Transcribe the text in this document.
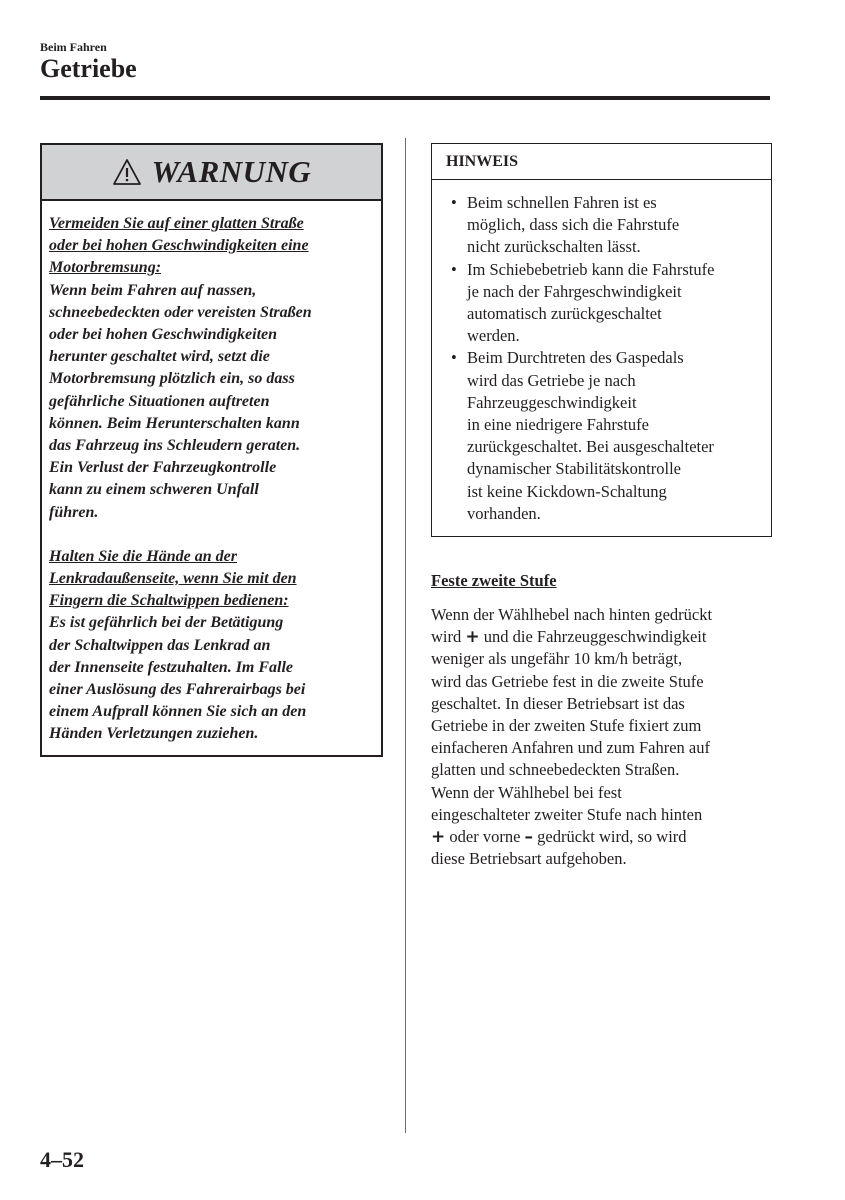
Beim Fahren
Getriebe
WARNUNG

Vermeiden Sie auf einer glatten Straße
oder bei hohen Geschwindigkeiten eine
Motorbremsung:
Wenn beim Fahren auf nassen,
schneebedeckten oder vereisten Straßen
oder bei hohen Geschwindigkeiten
herunter geschaltet wird, setzt die
Motorbremsung plötzlich ein, so dass
gefährliche Situationen auftreten
können. Beim Herunterschalten kann
das Fahrzeug ins Schleudern geraten.
Ein Verlust der Fahrzeugkontrolle
kann zu einem schweren Unfall
führen.

Halten Sie die Hände an der
Lenkradaußenseite, wenn Sie mit den
Fingern die Schaltwippen bedienen:
Es ist gefährlich bei der Betätigung
der Schaltwippen das Lenkrad an
der Innenseite festzuhalten. Im Falle
einer Auslösung des Fahrerairbags bei
einem Aufprall können Sie sich an den
Händen Verletzungen zuziehen.

HINWEIS
• Beim schnellen Fahren ist es
möglich, dass sich die Fahrstufe
nicht zurückschalten lässt.
• Im Schiebebetrieb kann die Fahrstufe
je nach der Fahrgeschwindigkeit
automatisch zurückgeschaltet
werden.
• Beim Durchtreten des Gaspedals
wird das Getriebe je nach
Fahrzeuggeschwindigkeit
in eine niedrigere Fahrstufe
zurückgeschaltet. Bei ausgeschalteter
dynamischer Stabilitätskontrolle
ist keine Kickdown-Schaltung
vorhanden.
Feste zweite Stufe
Wenn der Wählhebel nach hinten gedrückt
wird + und die Fahrzeuggeschwindigkeit
weniger als ungefähr 10 km/h beträgt,
wird das Getriebe fest in die zweite Stufe
geschaltet. In dieser Betriebsart ist das
Getriebe in der zweiten Stufe fixiert zum
einfacheren Anfahren und zum Fahren auf
glatten und schneebedeckten Straßen.
Wenn der Wählhebel bei fest
eingeschalteter zweiter Stufe nach hinten
+ oder vorne – gedrückt wird, so wird
diese Betriebsart aufgehoben.
4–52
